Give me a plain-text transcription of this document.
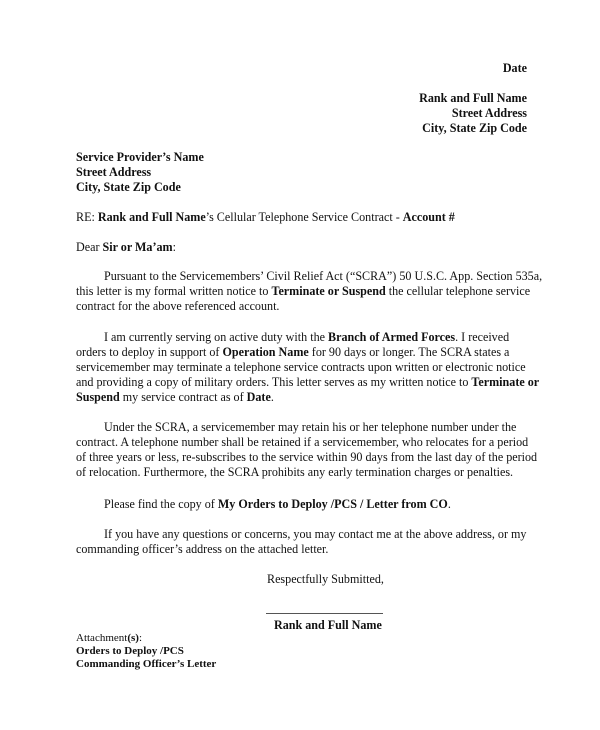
Date
Rank and Full Name
Street Address
City, State Zip Code
Service Provider’s Name
Street Address
City, State Zip Code
RE: Rank and Full Name’s Cellular Telephone Service Contract - Account #
Dear Sir or Ma’am:
Pursuant to the Servicemembers’ Civil Relief Act (“SCRA”) 50 U.S.C. App. Section 535a,
this letter is my formal written notice to Terminate or Suspend the cellular telephone service
contract for the above referenced account.
I am currently serving on active duty with the Branch of Armed Forces. I received
orders to deploy in support of Operation Name for 90 days or longer. The SCRA states a
servicemember may terminate a telephone service contracts upon written or electronic notice
and providing a copy of military orders. This letter serves as my written notice to Terminate or
Suspend my service contract as of Date.
Under the SCRA, a servicemember may retain his or her telephone number under the
contract. A telephone number shall be retained if a servicemember, who relocates for a period
of three years or less, re-subscribes to the service within 90 days from the last day of the period
of relocation. Furthermore, the SCRA prohibits any early termination charges or penalties.
Please find the copy of My Orders to Deploy /PCS / Letter from CO.
If you have any questions or concerns, you may contact me at the above address, or my
commanding officer’s address on the attached letter.
Respectfully Submitted,
Rank and Full Name
Attachment(s):
Orders to Deploy /PCS
Commanding Officer’s Letter
